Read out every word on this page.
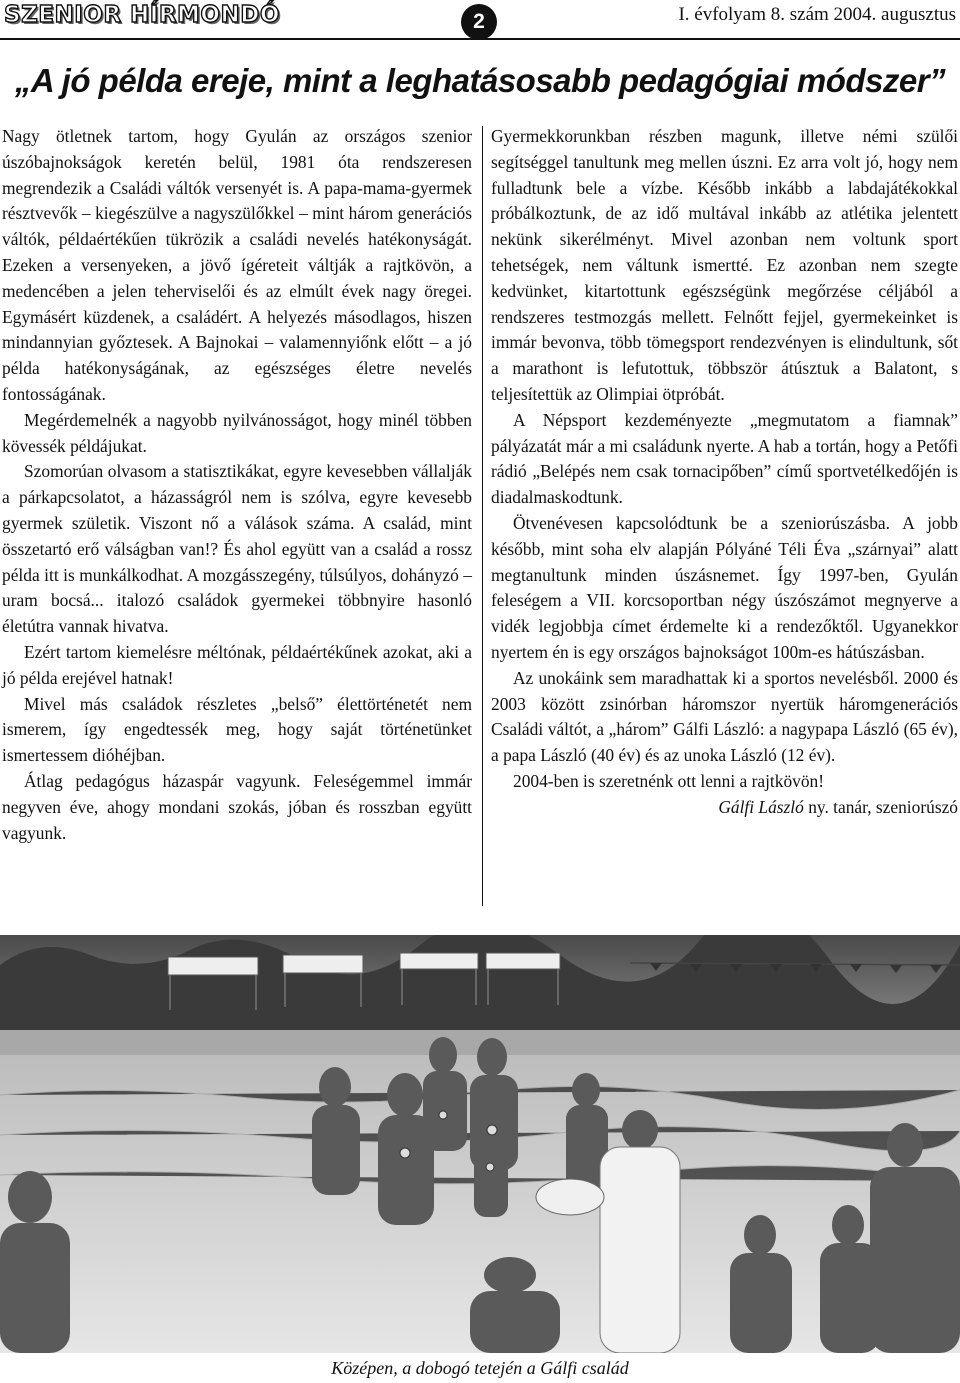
SZENIOR HÍRMONDÓ	2	I. évfolyam 8. szám 2004. augusztus
„A jó példa ereje, mint a leghatásosabb pedagógiai módszer”

Nagy ötletnek tartom, hogy Gyulán az országos szenior úszóbajnokságok keretén belül, 1981 óta rendszeresen megrendezik a Családi váltók versenyét is. A papa-mama-gyermek résztvevők – kiegészülve a nagyszülőkkel – mint három generációs váltók, példaértékűen tükrözik a családi nevelés hatékonyságát. Ezeken a versenyeken, a jövő ígéreteit váltják a rajtkövön, a medencében a jelen teherviselői és az elmúlt évek nagy öregei. Egymásért küzdenek, a családért. A helyezés másodlagos, hiszen mindannyian győztesek. A Bajnokai – valamennyiőnk előtt – a jó példa hatékonyságának, az egészséges életre nevelés fontosságának.

Megérdemelnék a nagyobb nyilvánosságot, hogy minél többen kövessék példájukat.

Szomorúan olvasom a statisztikákat, egyre kevesebben vállalják a párkapcsolatot, a házasságról nem is szólva, egyre kevesebb gyermek születik. Viszont nő a válások száma. A család, mint összetartó erő válságban van!? És ahol együtt van a család a rossz példa itt is munkálkodhat. A mozgásszegény, túlsúlyos, dohányzó – uram bocsá... italozó családok gyermekei többnyire hasonló életútra vannak hivatva.

Ezért tartom kiemelésre méltónak, példaértékűnek azokat, aki a jó példa erejével hatnak!

Mivel más családok részletes „belső” élettörténetét nem ismerem, így engedtessék meg, hogy saját történetünket ismertessem dióhéjban.

Átlag pedagógus házaspár vagyunk. Feleségemmel immár negyven éve, ahogy mondani szokás, jóban és rosszban együtt vagyunk.

Gyermekkorunkban részben magunk, illetve némi szülői segítséggel tanultunk meg mellen úszni. Ez arra volt jó, hogy nem fulladtunk bele a vízbe. Később inkább a labdajátékokkal próbálkoztunk, de az idő multával inkább az atlétika jelentett nekünk sikerélményt. Mivel azonban nem voltunk sport tehetségek, nem váltunk ismertté. Ez azonban nem szegte kedvünket, kitartottunk egészségünk megőrzése céljából a rendszeres testmozgás mellett. Felnőtt fejjel, gyermekeinket is immár bevonva, több tömegsport rendezvényen is elindultunk, sőt a marathont is lefutottuk, többször átúsztuk a Balatont, s teljesítettük az Olimpiai ötpróbát.

A Népsport kezdeményezte „megmutatom a fiamnak” pályázatát már a mi családunk nyerte. A hab a tortán, hogy a Petőfi rádió „Belépés nem csak tornacipőben” című sportvetélkedőjén is diadalmaskodtunk.

Ötvenévesen kapcsolódtunk be a szeniorúszásba. A jobb később, mint soha elv alapján Pólyáné Téli Éva „szárnyai” alatt megtanultunk minden úszásnemet. Így 1997-ben, Gyulán feleségem a VII. korcsoportban négy úszószámot megnyerve a vidék legjobbja címet érdemelte ki a rendezőktől. Ugyanekkor nyertem én is egy országos bajnokságot 100m-es hátúszásban.

Az unokáink sem maradhattak ki a sportos nevelésből. 2000 és 2003 között zsinórban háromszor nyertük háromgenerációs Családi váltót, a „három” Gálfi László: a nagypapa László (65 év), a papa László (40 év) és az unoka László (12 év).

2004-ben is szeretnénk ott lenni a rajtkövön!

Gálfi László ny. tanár, szeniorúszó

Középen, a dobogó tetején a Gálfi család
